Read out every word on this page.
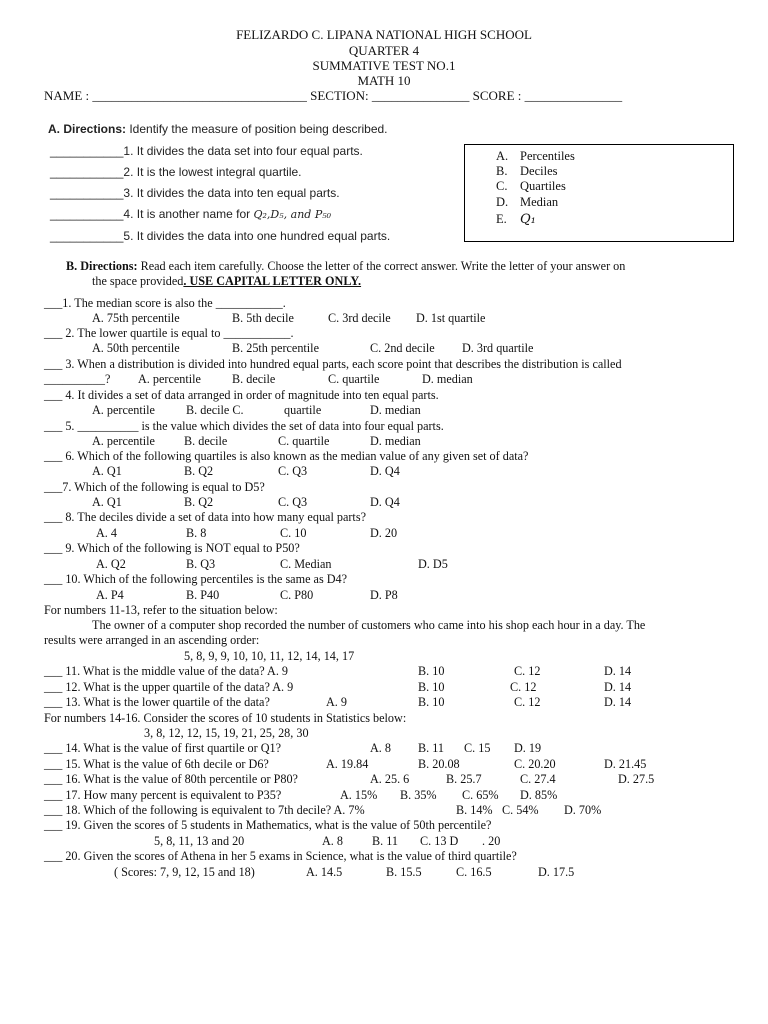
FELIZARDO C. LIPANA NATIONAL HIGH SCHOOL
QUARTER 4
SUMMATIVE TEST NO.1
MATH 10
NAME : _________________________________ SECTION: _______________ SCORE : _______________
A. Directions: Identify the measure of position being described.
___________1. It divides the data set into four equal parts.
___________2. It is the lowest integral quartile.
___________3. It divides the data into ten equal parts.
___________4. It is another name for Q₂,D₅, and P₅₀
___________5. It divides the data into one hundred equal parts.
A. Percentiles
B. Deciles
C. Quartiles
D. Median
E. Q₁
B. Directions: Read each item carefully. Choose the letter of the correct answer. Write the letter of your answer on
the space provided. USE CAPITAL LETTER ONLY.
___1. The median score is also the ___________.
A. 75th percentile	B. 5th decile	C. 3rd decile D. 1st quartile
___ 2. The lower quartile is equal to ___________.
A. 50th percentile	B. 25th percentile	C. 2nd decile D. 3rd quartile
___ 3. When a distribution is divided into hundred equal parts, each score point that describes the distribution is called
__________? A. percentile	B. decile	C. quartile	D. median
___ 4. It divides a set of data arranged in order of magnitude into ten equal parts.
A. percentile	B. decile C.	quartile	D. median
___ 5. __________ is the value which divides the set of data into four equal parts.
A. percentile B. decile	C. quartile	D. median
___ 6. Which of the following quartiles is also known as the median value of any given set of data?
A. Q1	B. Q2	C. Q3	D. Q4
___7. Which of the following is equal to D5?
A. Q1	B. Q2	C. Q3	D. Q4
___ 8. The deciles divide a set of data into how many equal parts?
A. 4	B. 8	C. 10	D. 20
___ 9. Which of the following is NOT equal to P50?
A. Q2	B. Q3	C. Median	D. D5
___ 10. Which of the following percentiles is the same as D4?
A. P4	B. P40	C. P80	D. P8
For numbers 11-13, refer to the situation below:
The owner of a computer shop recorded the number of customers who came into his shop each hour in a day. The
results were arranged in an ascending order:
5, 8, 9, 9, 10, 10, 11, 12, 14, 14, 17
___ 11. What is the middle value of the data? A. 9	B. 10	C. 12	D. 14
___ 12. What is the upper quartile of the data? A. 9	B. 10	C. 12	D. 14
___ 13. What is the lower quartile of the data?	A. 9	B. 10	C. 12	D. 14
For numbers 14-16. Consider the scores of 10 students in Statistics below:
3, 8, 12, 12, 15, 19, 21, 25, 28, 30
___ 14. What is the value of first quartile or Q1?	A. 8 B. 11 C. 15 D. 19
___ 15. What is the value of 6th decile or D6?	A. 19.84	B. 20.08	C. 20.20	D. 21.45
___ 16. What is the value of 80th percentile or P80?	A. 25. 6	B. 25.7	C. 27.4	D. 27.5
___ 17. How many percent is equivalent to P35?	A. 15% B. 35% C. 65% D. 85%
___ 18. Which of the following is equivalent to 7th decile? A. 7%	B. 14% C. 54% D. 70%
___ 19. Given the scores of 5 students in Mathematics, what is the value of 50th percentile?
5, 8, 11, 13 and 20	A. 8 B. 11 C. 13 D . 20
___ 20. Given the scores of Athena in her 5 exams in Science, what is the value of third quartile?
( Scores: 7, 9, 12, 15 and 18)	A. 14.5	B. 15.5	C. 16.5	D. 17.5
